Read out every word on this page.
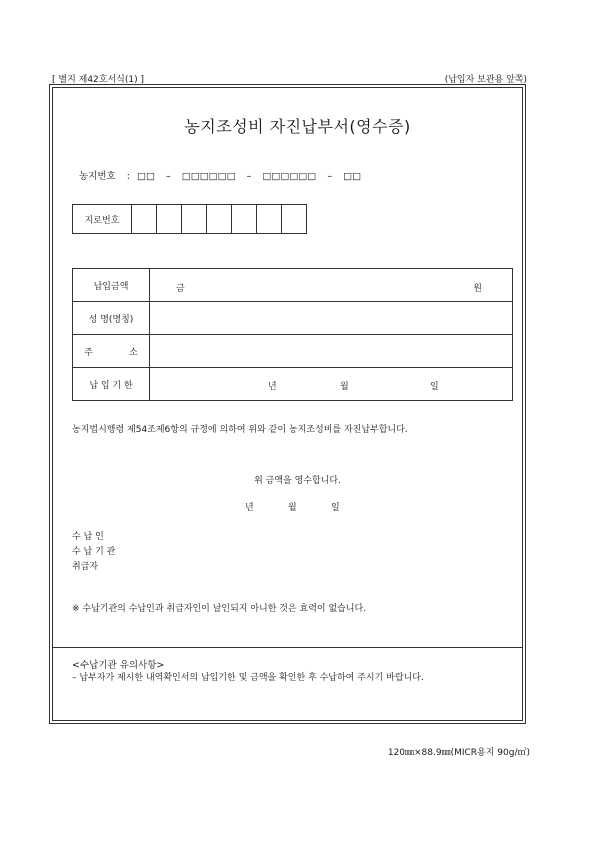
[ 별지 제42호서식(1) ]	(납입자 보관용 앞쪽)
농지조성비 자진납부서(영수증)
농지번호 : □□ – □□□□□□ – □□□□□□ – □□
지로번호
납입금액	금 원

성 명(명칭)	
주 소	
납 입 기 한	년 월 일
농지법시행령 제54조제6항의 규정에 의하여 위와 같이 농지조성비를 자진납부합니다.
위 금액을 영수합니다.
년	월	일
수 납 인
수 납 기 관
취급자
※ 수납기관의 수납인과 취급자인이 날인되지 아니한 것은 효력이 없습니다.
<수납기관 유의사항>
– 납부자가 제시한 내역확인서의 납입기한 및 금액을 확인한 후 수납하여 주시기 바랍니다.
120㎜×88.9㎜(MICR용지 90g/㎡)
